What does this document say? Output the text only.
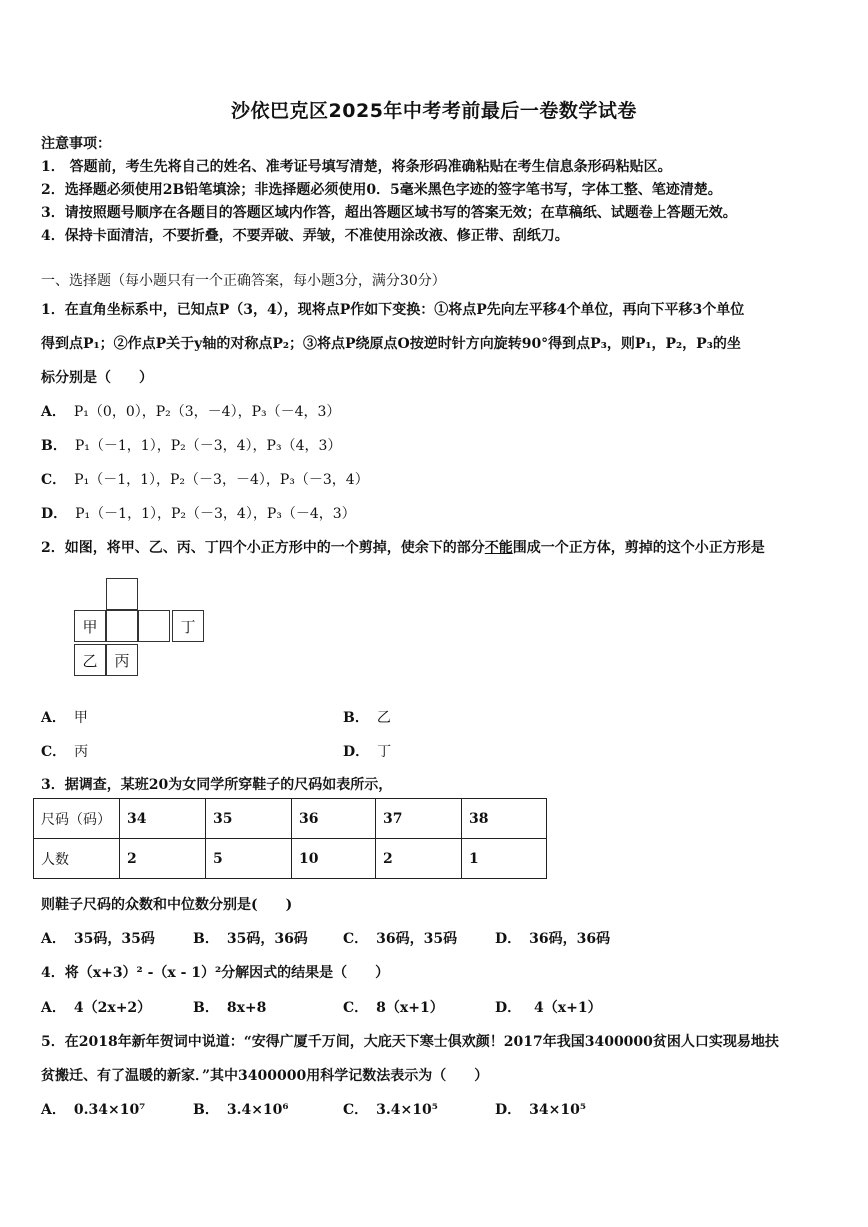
沙依巴克区2025年中考考前最后一卷数学试卷
注意事项：
1． 答题前，考生先将自己的姓名、准考证号填写清楚，将条形码准确粘贴在考生信息条形码粘贴区。
2．选择题必须使用2B铅笔填涂；非选择题必须使用0．5毫米黑色字迹的签字笔书写，字体工整、笔迹清楚。
3．请按照题号顺序在各题目的答题区域内作答，超出答题区域书写的答案无效；在草稿纸、试题卷上答题无效。
4．保持卡面清洁，不要折叠，不要弄破、弄皱，不准使用涂改液、修正带、刮纸刀。
一、选择题（每小题只有一个正确答案，每小题3分，满分30分）
1．在直角坐标系中，已知点P（3，4），现将点P作如下变换：①将点P先向左平移4个单位，再向下平移3个单位
得到点P₁；②作点P关于y轴的对称点P₂；③将点P绕原点O按逆时针方向旋转90°得到点P₃，则P₁，P₂，P₃的坐
标分别是（　　）
A． P₁（0，0），P₂（3，－4），P₃（－4，3）
B． P₁（－1，1），P₂（－3，4），P₃（4，3）
C． P₁（－1，1），P₂（－3，－4），P₃（－3，4）
D． P₁（－1，1），P₂（－3，4），P₃（－4，3）
2．如图，将甲、乙、丙、丁四个小正方形中的一个剪掉，使余下的部分不能围成一个正方体，剪掉的这个小正方形是
甲	丁
乙	丙
A． 甲	B． 乙
C． 丙	D． 丁
3．据调查，某班20为女同学所穿鞋子的尺码如表所示，
尺码（码）	34	35	36	37	38
人数	2	5	10	2	1
则鞋子尺码的众数和中位数分别是(　　)
A． 35码，35码	B． 35码，36码	C． 36码，35码	D． 36码，36码
4．将（x+3）² -（x - 1）²分解因式的结果是（　　）
A． 4（2x+2）	B． 8x+8	C． 8（x+1）	D． 4（x+1）
5．在2018年新年贺词中说道：“安得广厦千万间，大庇天下寒士俱欢颜！2017年我国3400000贫困人口实现易地扶
贫搬迁、有了温暖的新家．”其中3400000用科学记数法表示为（　　）
A． 0.34×10⁷	B． 3.4×10⁶	C． 3.4×10⁵	D． 34×10⁵
